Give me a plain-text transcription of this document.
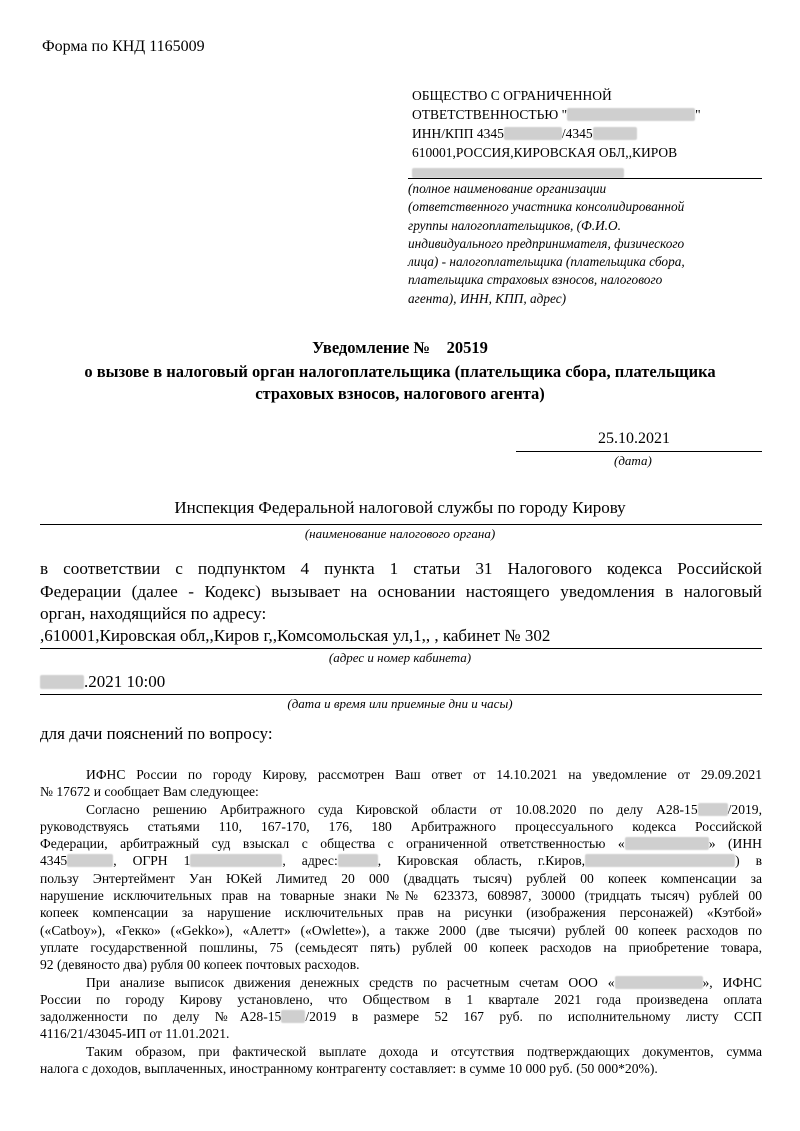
Форма по КНД 1165009
ОБЩЕСТВО С ОГРАНИЧЕННОЙ
ОТВЕТСТВЕННОСТЬЮ "	"
ИНН/КПП 4345	/4345
610001,РОССИЯ,КИРОВСКАЯ ОБЛ,,КИРОВ
(полное наименование организации
(ответственного участника консолидированной
группы налогоплательщиков, (Ф.И.О.
индивидуального предпринимателя, физического
лица) - налогоплательщика (плательщика сбора,
плательщика страховых взносов, налогового
агента), ИНН, КПП, адрес)
Уведомление №    20519
о вызове в налоговый орган налогоплательщика (плательщика сбора, плательщика
страховых взносов, налогового агента)
25.10.2021
(дата)
Инспекция Федеральной налоговой службы по городу Кирову
(наименование налогового органа)
в соответствии с подпунктом 4 пункта 1 статьи 31 Налогового кодекса Российской
Федерации (далее - Кодекс) вызывает на основании настоящего уведомления в налоговый
орган, находящийся по адресу:
,610001,Кировская обл,,Киров г,,Комсомольская ул,1,, , кабинет № 302
(адрес и номер кабинета)
.2021 10:00
(дата и время или приемные дни и часы)
для дачи пояснений по вопросу:
ИФНС России по городу Кирову, рассмотрен Ваш ответ от 14.10.2021 на уведомление от 29.09.2021
№ 17672 и сообщает Вам следующее:
Согласно решению Арбитражного суда Кировской области от 10.08.2020 по делу А28-15 /2019,
руководствуясь статьями 110, 167-170, 176, 180 Арбитражного процессуального кодекса Российской
Федерации, арбитражный суд взыскал с общества с ограниченной ответственностью «	» (ИНН
4345	, ОГРН 1	, адрес:	, Кировская область, г.Киров,	) в
пользу Энтертеймент Уан ЮКей Лимитед 20 000 (двадцать тысяч) рублей 00 копеек компенсации за
нарушение исключительных прав на товарные знаки №№ 623373, 608987, 30000 (тридцать тысяч) рублей 00
копеек компенсации за нарушение исключительных прав на рисунки (изображения персонажей) «Кэтбой»
(«Catboy»), «Гекко» («Gekko»), «Алетт» («Owlette»), а также 2000 (две тысячи) рублей 00 копеек расходов по
уплате государственной пошлины, 75 (семьдесят пять) рублей 00 копеек расходов на приобретение товара,
92 (девяносто два) рубля 00 копеек почтовых расходов.
При анализе выписок движения денежных средств по расчетным счетам ООО «	», ИФНС
России по городу Кирову установлено, что Обществом в 1 квартале 2021 года произведена оплата
задолженности по делу №А28-15 /2019 в размере 52 167 руб. по исполнительному листу ССП
4116/21/43045-ИП от 11.01.2021.
Таким образом, при фактической выплате дохода и отсутствия подтверждающих документов, сумма
налога с доходов, выплаченных, иностранному контрагенту составляет: в сумме 10 000 руб. (50 000*20%).
